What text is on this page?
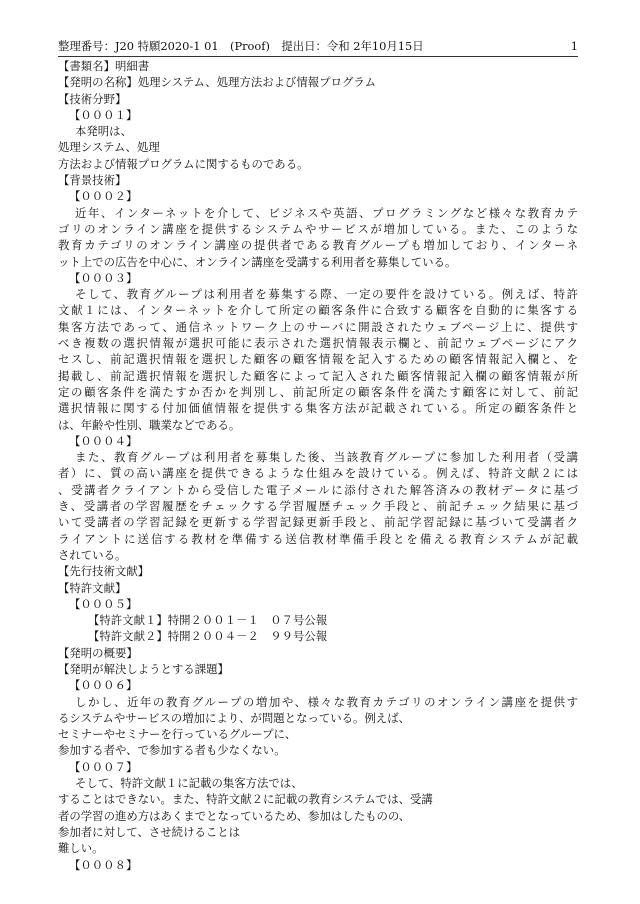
整理番号：J20 特願2020-1 01　(Proof)　提出日：令和 2年10月15日	1
【書類名】明細書
【発明の名称】処理システム、処理方法および情報プログラム
【技術分野】
【０００１】
本発明は、
処理システム、処理
方法および情報プログラムに関するものである。
【背景技術】
【０００２】
近年、インターネットを介して、ビジネスや英語、プログラミングなど様々な教育カテ
ゴリのオンライン講座を提供するシステムやサービスが増加している。また、このような
教育カテゴリのオンライン講座の提供者である教育グループも増加しており、インターネ
ット上での広告を中心に、オンライン講座を受講する利用者を募集している。
【０００３】
そして、教育グループは利用者を募集する際、一定の要件を設けている。例えば、特許
文献１には、インターネットを介して所定の顧客条件に合致する顧客を自動的に集客する
集客方法であって、通信ネットワーク上のサーバに開設されたウェブページ上に、提供す
べき複数の選択情報が選択可能に表示された選択情報表示欄と、前記ウェブページにアク
セスし、前記選択情報を選択した顧客の顧客情報を記入するための顧客情報記入欄と、を
掲載し、前記選択情報を選択した顧客によって記入された顧客情報記入欄の顧客情報が所
定の顧客条件を満たすか否かを判別し、前記所定の顧客条件を満たす顧客に対して、前記
選択情報に関する付加価値情報を提供する集客方法が記載されている。所定の顧客条件と
は、年齢や性別、職業などである。
【０００４】
また、教育グループは利用者を募集した後、当該教育グループに参加した利用者（受講
者）に、質の高い講座を提供できるような仕組みを設けている。例えば、特許文献２には
、受講者クライアントから受信した電子メールに添付された解答済みの教材データに基づ
き、受講者の学習履歴をチェックする学習履歴チェック手段と、前記チェック結果に基づ
いて受講者の学習記録を更新する学習記録更新手段と、前記学習記録に基づいて受講者ク
ライアントに送信する教材を準備する送信教材準備手段とを備える教育システムが記載
されている。
【先行技術文献】
【特許文献】
【０００５】
【特許文献１】特開２００１－１　０７号公報
【特許文献２】特開２００４－２　９９号公報
【発明の概要】
【発明が解決しようとする課題】
【０００６】
しかし、近年の教育グループの増加や、様々な教育カテゴリのオンライン講座を提供す
るシステムやサービスの増加により、が問題となっている。例えば、
セミナーやセミナーを行っているグループに、
参加する者や、で参加する者も少なくない。
【０００７】
そして、特許文献１に記載の集客方法では、
することはできない。また、特許文献２に記載の教育システムでは、受講
者の学習の進め方はあくまでとなっているため、参加はしたものの、
参加者に対して、させ続けることは
難しい。
【０００８】
